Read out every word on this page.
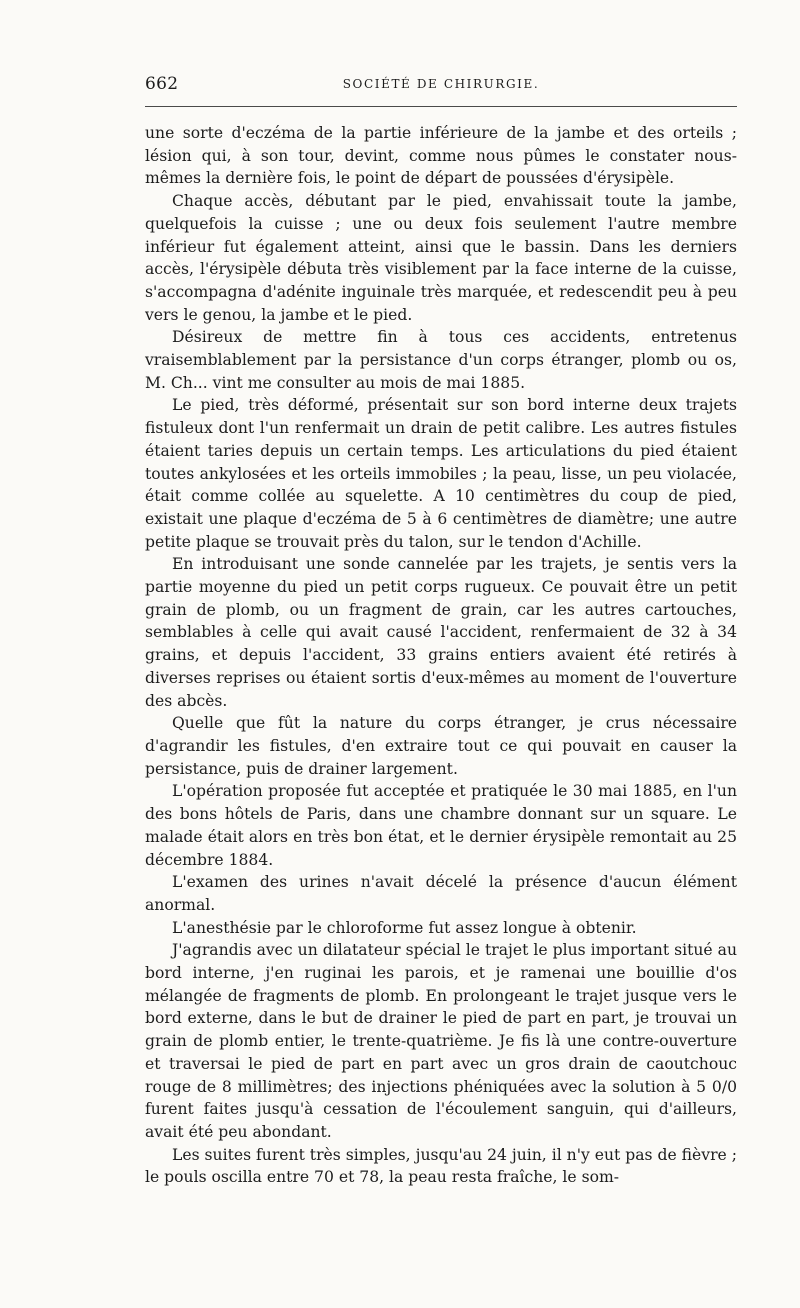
662	SOCIÉTÉ DE CHIRURGIE.

une sorte d'eczéma de la partie inférieure de la jambe et des orteils ; lésion qui, à son tour, devint, comme nous pûmes le constater nous-mêmes la dernière fois, le point de départ de poussées d'érysipèle.

Chaque accès, débutant par le pied, envahissait toute la jambe, quelquefois la cuisse ; une ou deux fois seulement l'autre membre inférieur fut également atteint, ainsi que le bassin. Dans les derniers accès, l'érysipèle débuta très visiblement par la face interne de la cuisse, s'accompagna d'adénite inguinale très marquée, et redescendit peu à peu vers le genou, la jambe et le pied.

Désireux de mettre fin à tous ces accidents, entretenus vraisemblablement par la persistance d'un corps étranger, plomb ou os, M. Ch... vint me consulter au mois de mai 1885.

Le pied, très déformé, présentait sur son bord interne deux trajets fistuleux dont l'un renfermait un drain de petit calibre. Les autres fistules étaient taries depuis un certain temps. Les articulations du pied étaient toutes ankylosées et les orteils immobiles ; la peau, lisse, un peu violacée, était comme collée au squelette. A 10 centimètres du coup de pied, existait une plaque d'eczéma de 5 à 6 centimètres de diamètre; une autre petite plaque se trouvait près du talon, sur le tendon d'Achille.

En introduisant une sonde cannelée par les trajets, je sentis vers la partie moyenne du pied un petit corps rugueux. Ce pouvait être un petit grain de plomb, ou un fragment de grain, car les autres cartouches, semblables à celle qui avait causé l'accident, renfermaient de 32 à 34 grains, et depuis l'accident, 33 grains entiers avaient été retirés à diverses reprises ou étaient sortis d'eux-mêmes au moment de l'ouverture des abcès.

Quelle que fût la nature du corps étranger, je crus nécessaire d'agrandir les fistules, d'en extraire tout ce qui pouvait en causer la persistance, puis de drainer largement.

L'opération proposée fut acceptée et pratiquée le 30 mai 1885, en l'un des bons hôtels de Paris, dans une chambre donnant sur un square. Le malade était alors en très bon état, et le dernier érysipèle remontait au 25 décembre 1884.

L'examen des urines n'avait décelé la présence d'aucun élément anormal.

L'anesthésie par le chloroforme fut assez longue à obtenir.

J'agrandis avec un dilatateur spécial le trajet le plus important situé au bord interne, j'en ruginai les parois, et je ramenai une bouillie d'os mélangée de fragments de plomb. En prolongeant le trajet jusque vers le bord externe, dans le but de drainer le pied de part en part, je trouvai un grain de plomb entier, le trente-quatrième. Je fis là une contre-ouverture et traversai le pied de part en part avec un gros drain de caoutchouc rouge de 8 millimètres; des injections phéniquées avec la solution à 5 0/0 furent faites jusqu'à cessation de l'écoulement sanguin, qui d'ailleurs, avait été peu abondant.

Les suites furent très simples, jusqu'au 24 juin, il n'y eut pas de fièvre ; le pouls oscilla entre 70 et 78, la peau resta fraîche, le som-
